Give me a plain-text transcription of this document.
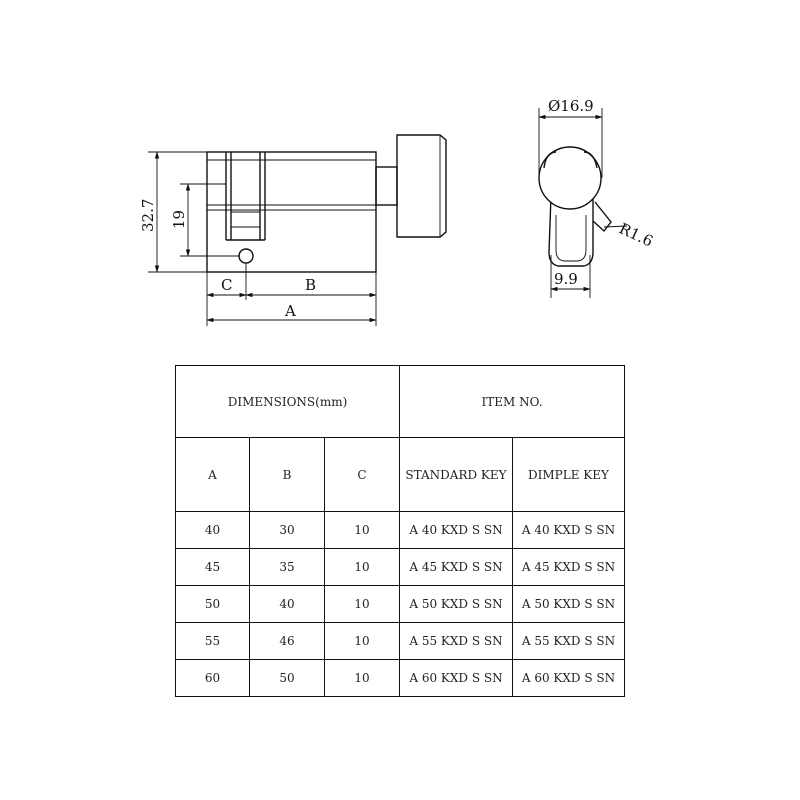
32.7 19
C	B
A
Ø16.9
R1.6
9.9
DIMENSIONS(mm)			ITEM NO.	
A	B	C	STANDARD KEY	DIMPLE KEY
40	30	10	A 40 KXD S SN	A 40 KXD S SN
45	35	10	A 45 KXD S SN	A 45 KXD S SN
50	40	10	A 50 KXD S SN	A 50 KXD S SN
55	46	10	A 55 KXD S SN	A 55 KXD S SN
60	50	10	A 60 KXD S SN	A 60 KXD S SN
